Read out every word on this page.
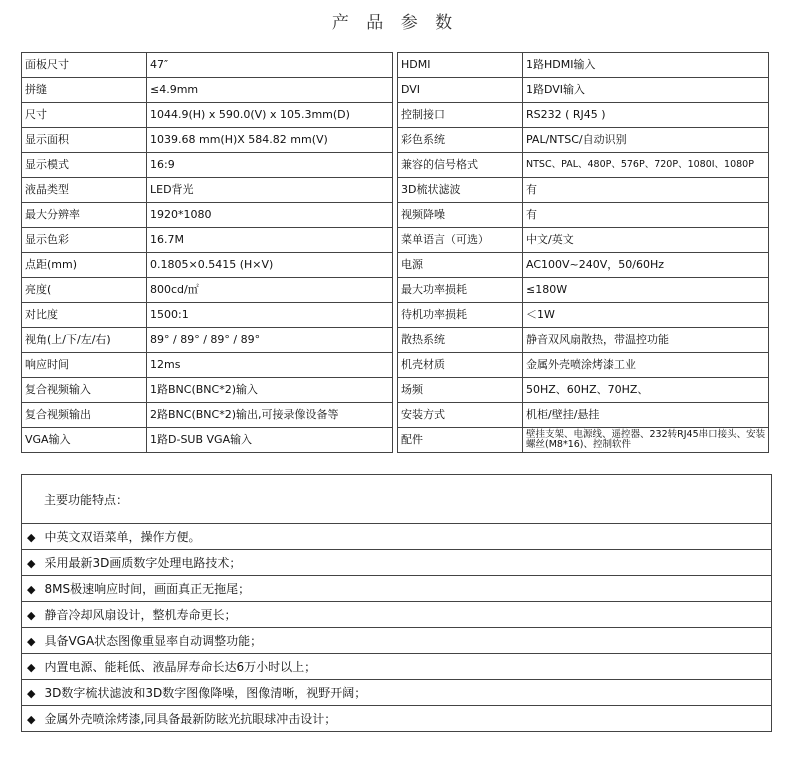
产 品 参 数
面板尺寸	47″
拼缝	≤4.9mm
尺寸	1044.9(H) x 590.0(V) x 105.3mm(D)
显示面积	1039.68 mm(H)X 584.82 mm(V)
显示模式	16:9
液晶类型	LED背光
最大分辨率	1920*1080
显示色彩	16.7M
点距(mm)	0.1805×0.5415 (H×V)
亮度(	800cd/㎡
对比度	1500:1
视角(上/下/左/右)	89° / 89° / 89° / 89°
响应时间	12ms
复合视频输入	1路BNC(BNC*2)输入
复合视频输出	2路BNC(BNC*2)输出,可接录像设备等
VGA输入	1路D-SUB VGA输入
HDMI	1路HDMI输入
DVI	1路DVI输入
控制接口	RS232 ( RJ45 )
彩色系统	PAL/NTSC/自动识别
兼容的信号格式	NTSC、PAL、480P、576P、720P、1080I、1080P
3D梳状滤波	有
视频降噪	有
菜单语言（可选）	中文/英文
电源	AC100V~240V，50/60Hz
最大功率损耗	≤180W
待机功率损耗	＜1W
散热系统	静音双风扇散热，带温控功能
机壳材质	金属外壳喷涂烤漆工业
场频	50HZ、60HZ、70HZ、
安装方式	机柜/壁挂/悬挂
配件	壁挂支架、电源线、遥控器、232转RJ45串口接头、安装螺丝(M8*16)、控制软件
主要功能特点：
◆ 中英文双语菜单，操作方便。
◆ 采用最新3D画质数字处理电路技术；
◆ 8MS极速响应时间，画面真正无拖尾；
◆ 静音冷却风扇设计，整机寿命更长；
◆ 具备VGA状态图像重显率自动调整功能；
◆ 内置电源、能耗低、液晶屏寿命长达6万小时以上；
◆ 3D数字梳状滤波和3D数字图像降噪，图像清晰，视野开阔；
◆ 金属外壳喷涂烤漆,同具备最新防眩光抗眼球冲击设计；
